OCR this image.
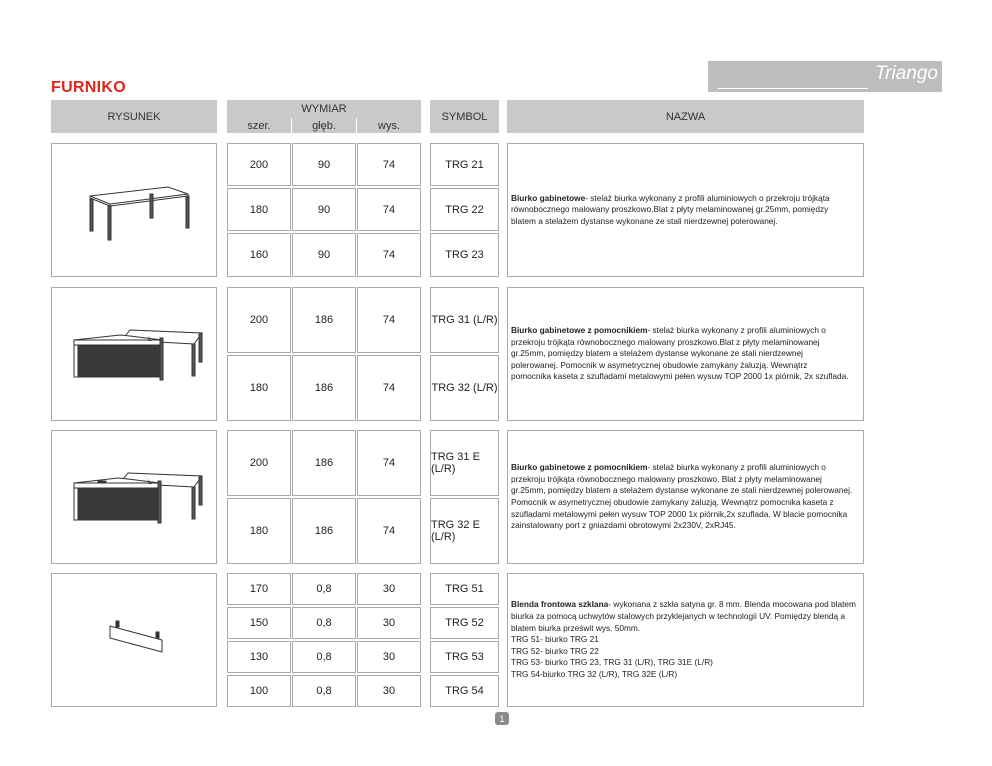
FURNIKO
Triango
RYSUNEK
WYMIAR
szer.	głęb.	wys.
SYMBOL	NAZWA
200	90	74	TRG 21
180	90	74	TRG 22
160	90	74	TRG 23
Biurko gabinetowe- stelaż biurka wykonany z profili aluminiowych o przekroju trójkąta
równobocznego malowany proszkowo.Blat z płyty melaminowanej gr.25mm, pomiędzy
blatem a stelażem dystanse wykonane ze stali nierdzewnej polerowanej.
L
200	186	74	TRG 31 (L/R)
180	186	74	TRG 32 (L/R)
Biurko gabinetowe z pomocnikiem- stelaż biurka wykonany z profili aluminiowych o
przekroju trójkąta równobocznego malowany proszkowo.Blat z płyty melaminowanej
gr.25mm, pomiędzy blatem a stelażem dystanse wykonane ze stali nierdzewnej
polerowanej. Pomocnik w asymetrycznej obudowie zamykany żaluzją. Wewnątrz
pomocnika kaseta z szufladami metalowymi pełen wysuw TOP 2000 1x piórnik, 2x szuflada.
L
200	186	74	TRG 31 E (L/R)
180	186	74	TRG 32 E (L/R)
Biurko gabinetowe z pomocnikiem- stelaż biurka wykonany z profili aluminiowych o
przekroju trójkąta równobocznego malowany proszkowo. Blat z płyty melaminowanej
gr.25mm, pomiędzy blatem a stelażem dystanse wykonane ze stali nierdzewnej polerowanej.
Pomocnik w asymetrycznej obudowie zamykany żaluzją. Wewnątrz pomocnika kaseta z
szufladami metalowymi pełen wysuw TOP 2000 1x piórnik,2x szuflada. W blacie pomocnika
zainstalowany port z gniazdami obrotowymi 2x230V, 2xRJ45.
170	0,8	30	TRG 51
150	0,8	30	TRG 52
130	0,8	30	TRG 53
100	0,8	30	TRG 54
Blenda frontowa szklana- wykonana z szkła satyna gr. 8 mm. Blenda mocowana pod blatem
biurka za pomocą uchwytów stalowych przyklejanych w technologii UV. Pomiędzy blendą a
blatem biurka prześwit wys. 50mm.
TRG 51- biurko TRG 21
TRG 52- biurko TRG 22
TRG 53- biurko TRG 23, TRG 31 (L/R), TRG 31E (L/R)
TRG 54-biurko TRG 32 (L/R), TRG 32E (L/R)
1
